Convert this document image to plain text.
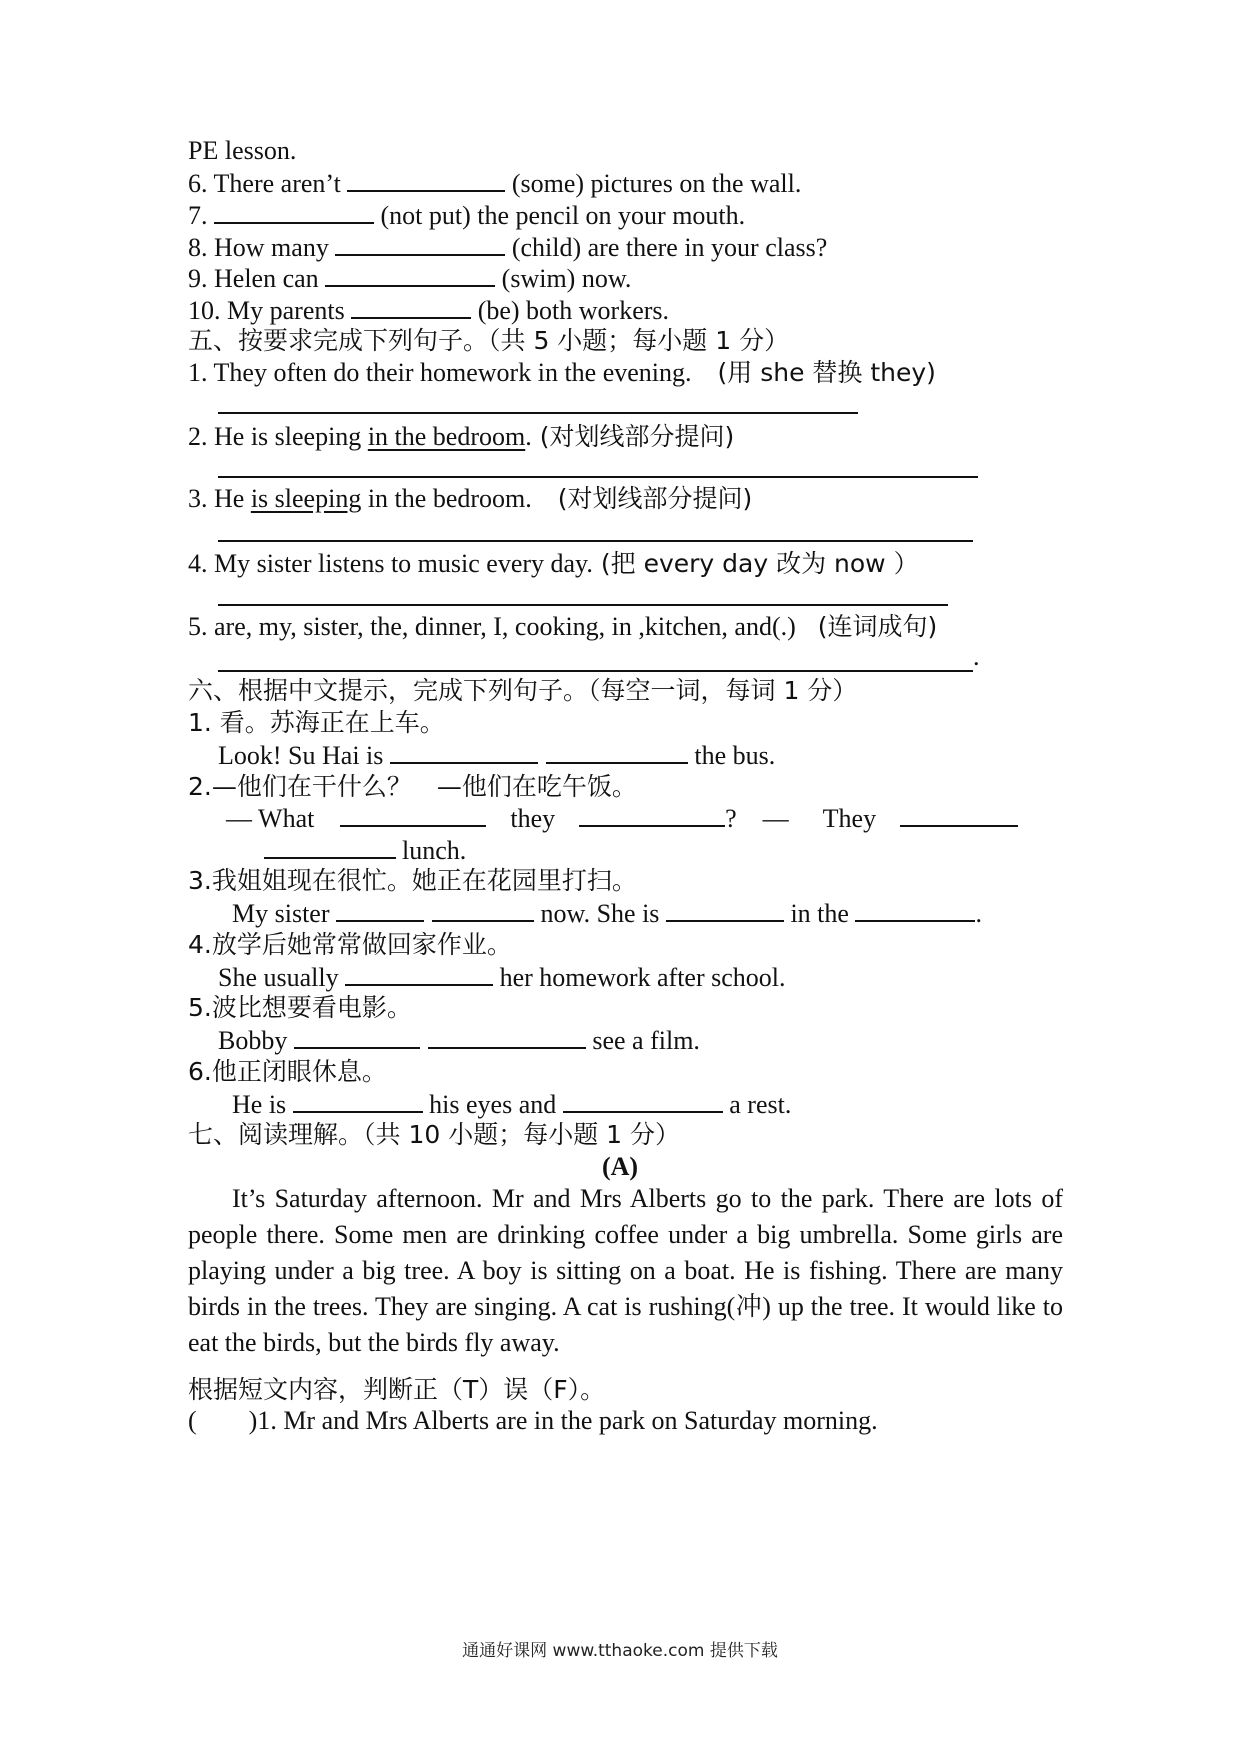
PE lesson.
6. There aren’t	(some) pictures on the wall.
7.	(not put) the pencil on your mouth.
8. How many	(child) are there in your class?
9. Helen can	(swim) now.
10. My parents	(be) both workers.
五、按要求完成下列句子。（共 5 小题；每小题 1 分）
1. They often do their homework in the evening. (用 she 替换 they)
2. He is sleeping in the bedroom. (对划线部分提问)
3. He is sleeping in the bedroom. (对划线部分提问)
4. My sister listens to music every day. (把 every day 改为 now ）
5. are, my, sister, the, dinner, I, cooking, in ,kitchen, and(.) (连词成句)
.
六、根据中文提示，完成下列句子。（每空一词，每词 1 分）
1. 看。苏海正在上车。
Look! Su Hai is	the bus.
2.—他们在干什么？　—他们在吃午饭。
— What	they	? — They
lunch.
3.我姐姐现在很忙。她正在花园里打扫。
My sister	now. She is	in the	.
4.放学后她常常做回家作业。
She usually	her homework after school.
5.波比想要看电影。
Bobby	see a film.
6.他正闭眼休息。
He is	his eyes and	a rest.
七、阅读理解。（共 10 小题；每小题 1 分）
(A)
It’s Saturday afternoon. Mr and Mrs Alberts go to the park. There are lots of people there. Some men are drinking coffee under a big umbrella. Some girls are playing under a big tree. A boy is sitting on a boat. He is fishing. There are many birds in the trees. They are singing. A cat is rushing(冲) up the tree. It would like to eat the birds, but the birds fly away.
根据短文内容，判断正（T）误（F）。
(　　)1. Mr and Mrs Alberts are in the park on Saturday morning.
通通好课网 www.tthaoke.com 提供下载
